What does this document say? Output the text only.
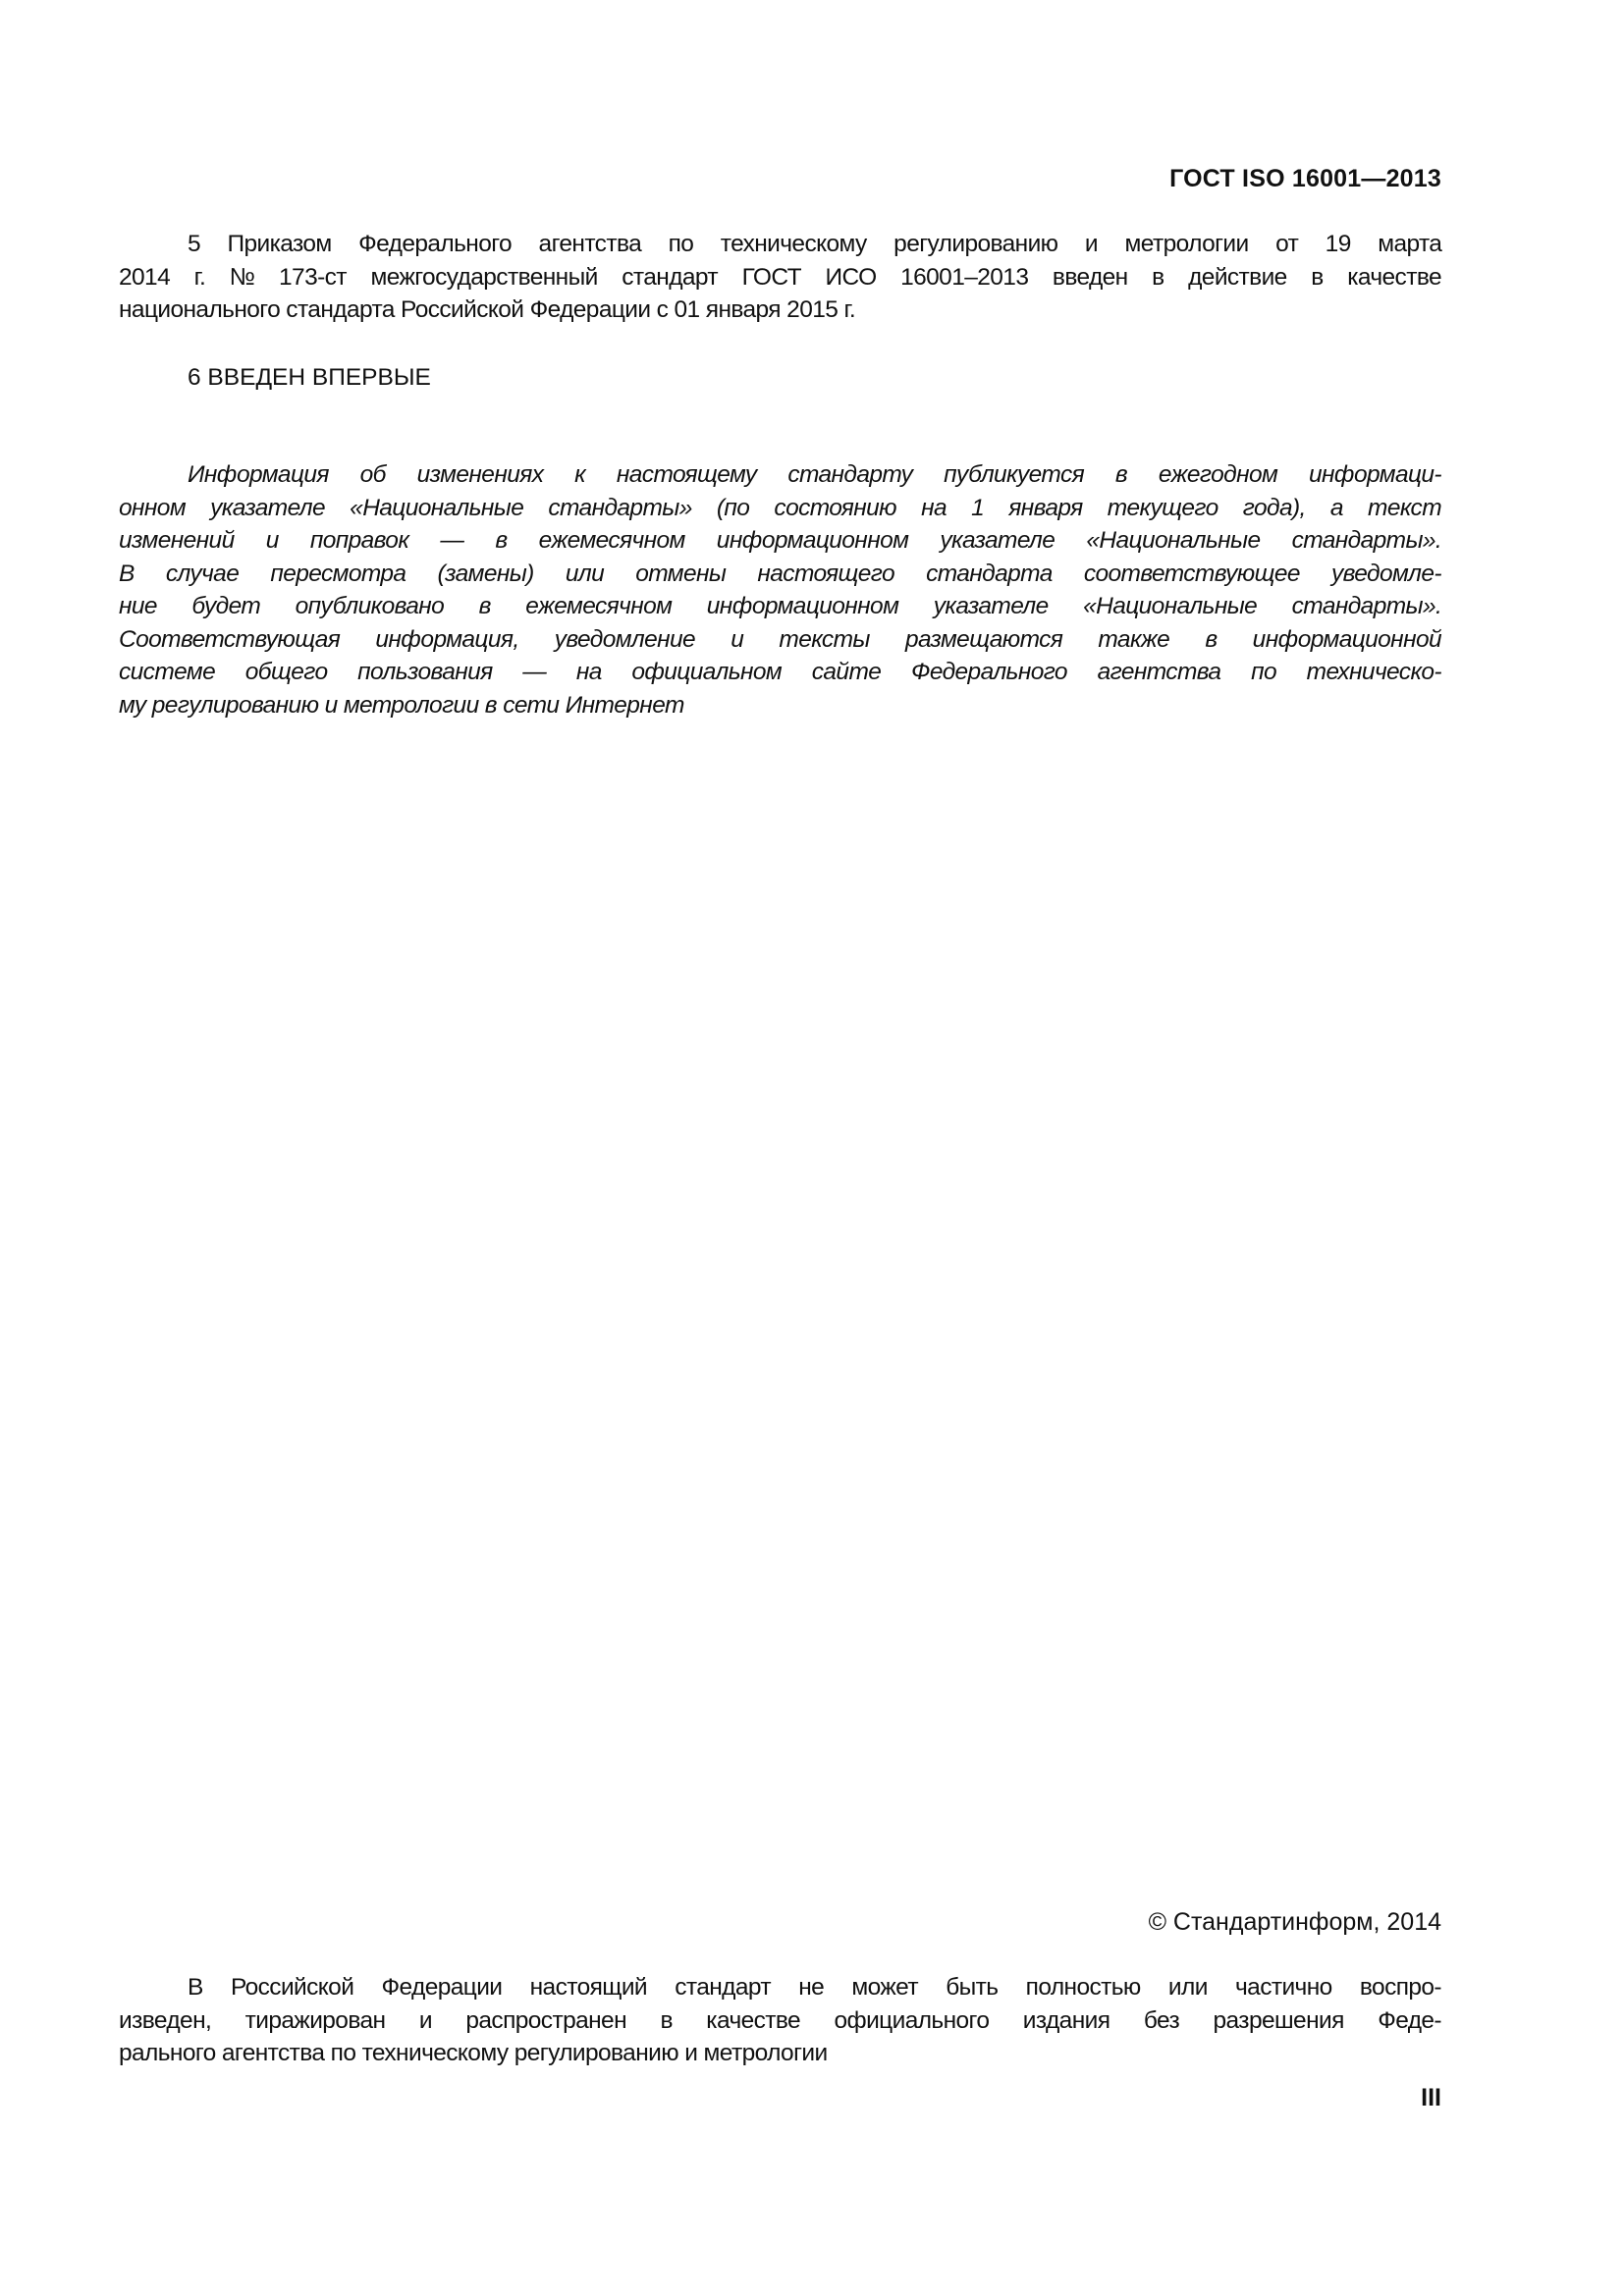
ГОСТ ISO 16001—2013
5 Приказом Федерального агентства по техническому регулированию и метрологии от 19 марта
2014 г. № 173-ст межгосударственный стандарт ГОСТ ИСО 16001–2013 введен в действие в качестве
национального стандарта Российской Федерации с 01 января 2015 г.
6 ВВЕДЕН ВПЕРВЫЕ
Информация об изменениях к настоящему стандарту публикуется в ежегодном информаци-
онном указателе «Национальные стандарты» (по состоянию на 1 января текущего года), а текст
изменений и поправок — в ежемесячном информационном указателе «Национальные стандарты».
В случае пересмотра (замены) или отмены настоящего стандарта соответствующее уведомле-
ние будет опубликовано в ежемесячном информационном указателе «Национальные стандарты».
Соответствующая информация, уведомление и тексты размещаются также в информационной
системе общего пользования — на официальном сайте Федерального агентства по техническо-
му регулированию и метрологии в сети Интернет
© Стандартинформ, 2014
В Российской Федерации настоящий стандарт не может быть полностью или частично воспро-
изведен, тиражирован и распространен в качестве официального издания без разрешения Феде-
рального агентства по техническому регулированию и метрологии
III
